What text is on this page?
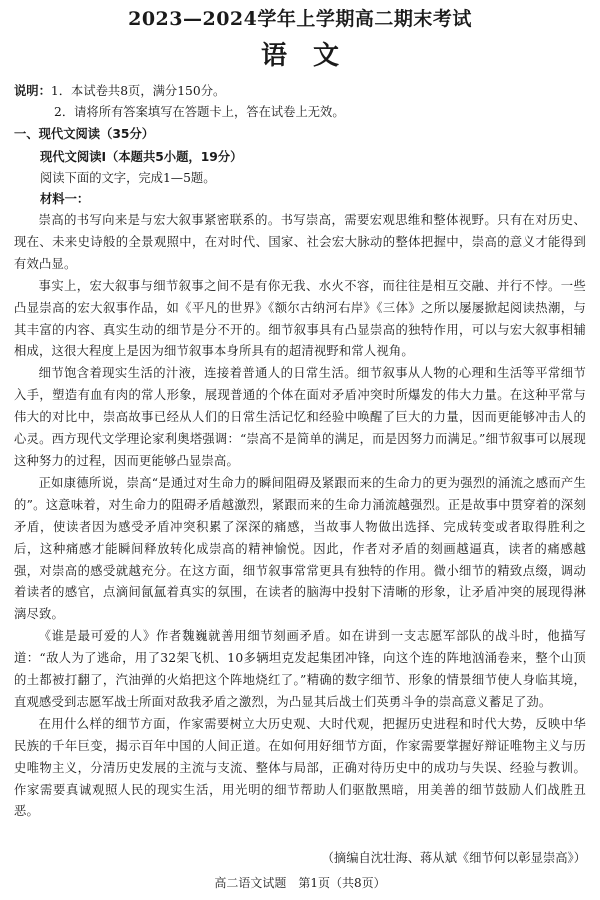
2023—2024学年上学期高二期末考试
语文
说明：1．本试卷共8页，满分150分。
2．请将所有答案填写在答题卡上，答在试卷上无效。
一、现代文阅读（35分）
现代文阅读Ⅰ（本题共5小题，19分）
阅读下面的文字，完成1—5题。
材料一：

崇高的书写向来是与宏大叙事紧密联系的。书写崇高，需要宏观思维和整体视野。只有在对历史、现在、未来史诗般的全景观照中，在对时代、国家、社会宏大脉动的整体把握中，崇高的意义才能得到有效凸显。

事实上，宏大叙事与细节叙事之间不是有你无我、水火不容，而往往是相互交融、并行不悖。一些凸显崇高的宏大叙事作品，如《平凡的世界》《额尔古纳河右岸》《三体》之所以屡屡掀起阅读热潮，与其丰富的内容、真实生动的细节是分不开的。细节叙事具有凸显崇高的独特作用，可以与宏大叙事相辅相成，这很大程度上是因为细节叙事本身所具有的超清视野和常人视角。

细节饱含着现实生活的汁液，连接着普通人的日常生活。细节叙事从人物的心理和生活等平常细节入手，塑造有血有肉的常人形象，展现普通的个体在面对矛盾冲突时所爆发的伟大力量。在这种平常与伟大的对比中，崇高故事已经从人们的日常生活记忆和经验中唤醒了巨大的力量，因而更能够冲击人的心灵。西方现代文学理论家利奥塔强调：“崇高不是简单的满足，而是因努力而满足。”细节叙事可以展现这种努力的过程，因而更能够凸显崇高。

正如康德所说，崇高“是通过对生命力的瞬间阻碍及紧跟而来的生命力的更为强烈的涌流之感而产生的”。这意味着，对生命力的阻碍矛盾越激烈，紧跟而来的生命力涌流越强烈。正是故事中贯穿着的深刻矛盾，使读者因为感受矛盾冲突积累了深深的痛感，当故事人物做出选择、完成转变或者取得胜利之后，这种痛感才能瞬间释放转化成崇高的精神愉悦。因此，作者对矛盾的刻画越逼真，读者的痛感越强，对崇高的感受就越充分。在这方面，细节叙事常常更具有独特的作用。微小细节的精致点缀，调动着读者的感官，点滴间氤氲着真实的氛围，在读者的脑海中投射下清晰的形象，让矛盾冲突的展现得淋漓尽致。

《谁是最可爱的人》作者魏巍就善用细节刻画矛盾。如在讲到一支志愿军部队的战斗时，他描写道：“敌人为了逃命，用了32架飞机、10多辆坦克发起集团冲锋，向这个连的阵地汹涌卷来，整个山顶的土都被打翻了，汽油弹的火焰把这个阵地烧红了。”精确的数字细节、形象的情景细节使人身临其境，直观感受到志愿军战士所面对敌我矛盾之激烈，为凸显其后战士们英勇斗争的崇高意义蓄足了劲。

在用什么样的细节方面，作家需要树立大历史观、大时代观，把握历史进程和时代大势，反映中华民族的千年巨变，揭示百年中国的人间正道。在如何用好细节方面，作家需要掌握好辩证唯物主义与历史唯物主义，分清历史发展的主流与支流、整体与局部，正确对待历史中的成功与失误、经验与教训。作家需要真诚观照人民的现实生活，用光明的细节帮助人们驱散黑暗，用美善的细节鼓励人们战胜丑恶。

（摘编自沈壮海、蒋从斌《细节何以彰显崇高》）
高二语文试题　第1页（共8页）
